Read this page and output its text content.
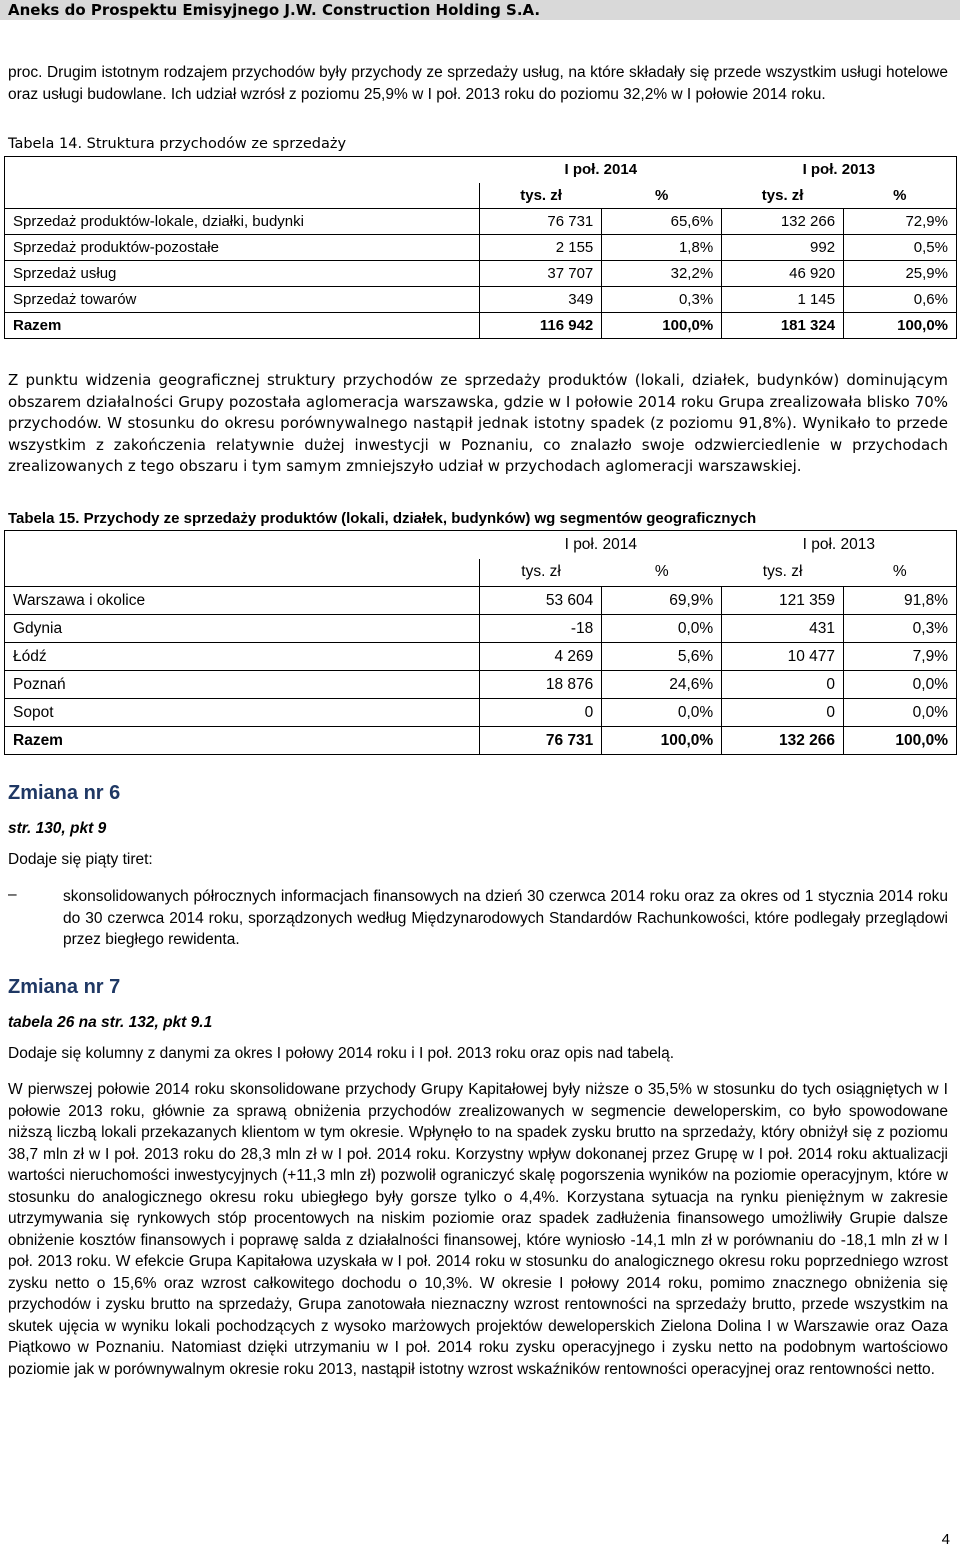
Aneks do Prospektu Emisyjnego J.W. Construction Holding S.A.
proc. Drugim istotnym rodzajem przychodów były przychody ze sprzedaży usług, na które składały się przede wszystkim usługi hotelowe oraz usługi budowlane. Ich udział wzrósł z poziomu 25,9% w I poł. 2013 roku do poziomu 32,2% w I połowie 2014 roku.
Tabela 14. Struktura przychodów ze sprzedaży
	I poł. 2014		I poł. 2013	
	tys. zł	%	tys. zł	%
Sprzedaż produktów-lokale, działki, budynki	76 731	65,6%	132 266	72,9%
Sprzedaż produktów-pozostałe	2 155	1,8%	992	0,5%
Sprzedaż usług	37 707	32,2%	46 920	25,9%
Sprzedaż towarów	349	0,3%	1 145	0,6%
Razem	116 942	100,0%	181 324	100,0%
Z punktu widzenia geograficznej struktury przychodów ze sprzedaży produktów (lokali, działek, budynków) dominującym obszarem działalności Grupy pozostała aglomeracja warszawska, gdzie w I połowie 2014 roku Grupa zrealizowała blisko 70% przychodów. W stosunku do okresu porównywalnego nastąpił jednak istotny spadek (z poziomu 91,8%). Wynikało to przede wszystkim z zakończenia relatywnie dużej inwestycji w Poznaniu, co znalazło swoje odzwierciedlenie w przychodach zrealizowanych z tego obszaru i tym samym zmniejszyło udział w przychodach aglomeracji warszawskiej.
Tabela 15. Przychody ze sprzedaży produktów (lokali, działek, budynków) wg segmentów geograficznych
	I poł. 2014		I poł. 2013	
	tys. zł	%	tys. zł	%
Warszawa i okolice	53 604	69,9%	121 359	91,8%
Gdynia	-18	0,0%	431	0,3%
Łódź	4 269	5,6%	10 477	7,9%
Poznań	18 876	24,6%	0	0,0%
Sopot	0	0,0%	0	0,0%
Razem	76 731	100,0%	132 266	100,0%
Zmiana nr 6
str. 130, pkt 9
Dodaje się piąty tiret:
–	skonsolidowanych półrocznych informacjach finansowych na dzień 30 czerwca 2014 roku oraz za okres od 1 stycznia 2014 roku do 30 czerwca 2014 roku, sporządzonych według Międzynarodowych Standardów Rachunkowości, które podlegały przeglądowi przez biegłego rewidenta.
Zmiana nr 7
tabela 26 na str. 132, pkt 9.1
Dodaje się kolumny z danymi za okres I połowy 2014 roku i I poł. 2013 roku oraz opis nad tabelą.
W pierwszej połowie 2014 roku skonsolidowane przychody Grupy Kapitałowej były niższe o 35,5% w stosunku do tych osiągniętych w I połowie 2013 roku, głównie za sprawą obniżenia przychodów zrealizowanych w segmencie deweloperskim, co było spowodowane niższą liczbą lokali przekazanych klientom w tym okresie. Wpłynęło to na spadek zysku brutto na sprzedaży, który obniżył się z poziomu 38,7 mln zł w I poł. 2013 roku do 28,3 mln zł w I poł. 2014 roku. Korzystny wpływ dokonanej przez Grupę w I poł. 2014 roku aktualizacji wartości nieruchomości inwestycyjnych (+11,3 mln zł) pozwolił ograniczyć skalę pogorszenia wyników na poziomie operacyjnym, które w stosunku do analogicznego okresu roku ubiegłego były gorsze tylko o 4,4%. Korzystana sytuacja na rynku pieniężnym w zakresie utrzymywania się rynkowych stóp procentowych na niskim poziomie oraz spadek zadłużenia finansowego umożliwiły Grupie dalsze obniżenie kosztów finansowych i poprawę salda z działalności finansowej, które wyniosło -14,1 mln zł w porównaniu do -18,1 mln zł w I poł. 2013 roku. W efekcie Grupa Kapitałowa uzyskała w I poł. 2014 roku w stosunku do analogicznego okresu roku poprzedniego wzrost zysku netto o 15,6% oraz wzrost całkowitego dochodu o 10,3%. W okresie I połowy 2014 roku, pomimo znacznego obniżenia się przychodów i zysku brutto na sprzedaży, Grupa zanotowała nieznaczny wzrost rentowności na sprzedaży brutto, przede wszystkim na skutek ujęcia w wyniku lokali pochodzących z wysoko marżowych projektów deweloperskich Zielona Dolina I w Warszawie oraz Oaza Piątkowo w Poznaniu. Natomiast dzięki utrzymaniu w I poł. 2014 roku zysku operacyjnego i zysku netto na podobnym wartościowo poziomie jak w porównywalnym okresie roku 2013, nastąpił istotny wzrost wskaźników rentowności operacyjnej oraz rentowności netto.
4
